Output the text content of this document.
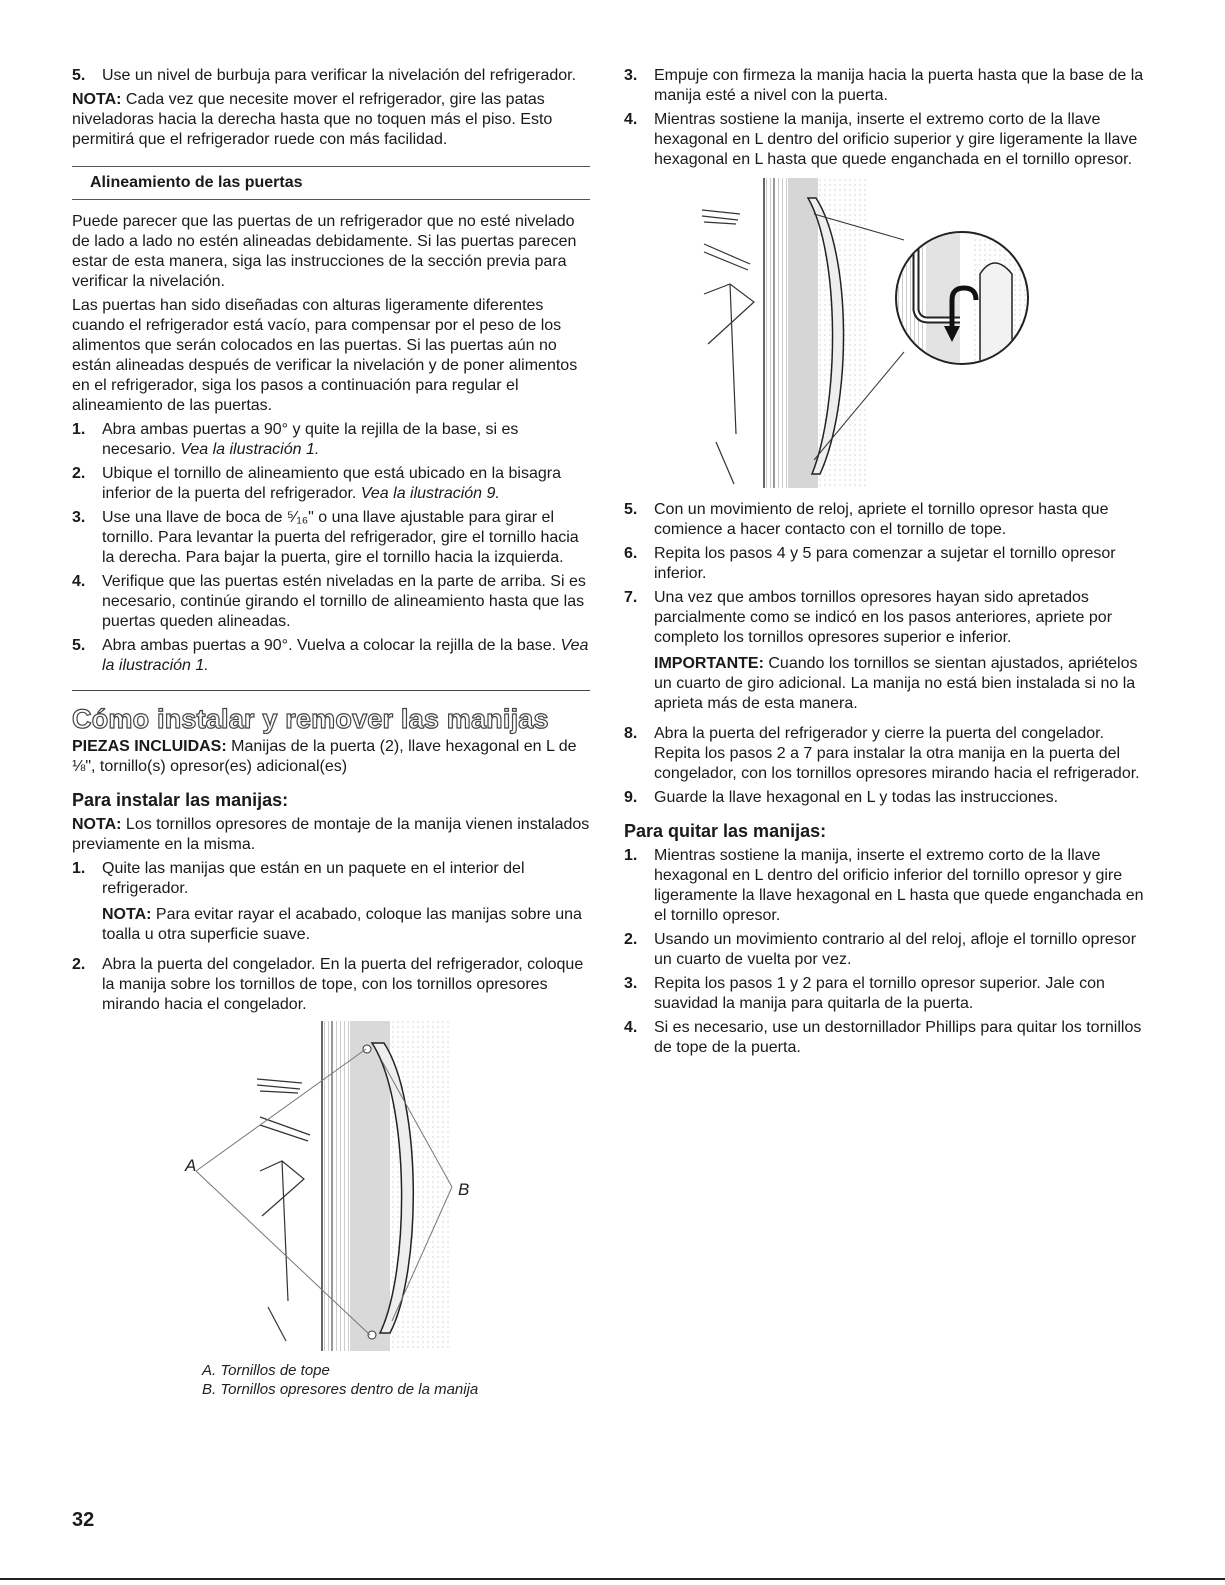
5.	Use un nivel de burbuja para verificar la nivelación del refrigerador.

NOTA: Cada vez que necesite mover el refrigerador, gire las patas niveladoras hacia la derecha hasta que no toquen más el piso. Esto permitirá que el refrigerador ruede con más facilidad.

Alineamiento de las puertas

Puede parecer que las puertas de un refrigerador que no esté nivelado de lado a lado no estén alineadas debidamente. Si las puertas parecen estar de esta manera, siga las instrucciones de la sección previa para verificar la nivelación.

Las puertas han sido diseñadas con alturas ligeramente diferentes cuando el refrigerador está vacío, para compensar por el peso de los alimentos que serán colocados en las puertas. Si las puertas aún no están alineadas después de verificar la nivelación y de poner alimentos en el refrigerador, siga los pasos a continuación para regular el alineamiento de las puertas.

1.	Abra ambas puertas a 90° y quite la rejilla de la base, si es necesario. Vea la ilustración 1.
2.	Ubique el tornillo de alineamiento que está ubicado en la bisagra inferior de la puerta del refrigerador. Vea la ilustración 9.
3.	Use una llave de boca de ⁵⁄₁₆" o una llave ajustable para girar el tornillo. Para levantar la puerta del refrigerador, gire el tornillo hacia la derecha. Para bajar la puerta, gire el tornillo hacia la izquierda.
4.	Verifique que las puertas estén niveladas en la parte de arriba. Si es necesario, continúe girando el tornillo de alineamiento hasta que las puertas queden alineadas.
5.	Abra ambas puertas a 90°. Vuelva a colocar la rejilla de la base. Vea la ilustración 1.
Cómo instalar y remover las manijas

PIEZAS INCLUIDAS: Manijas de la puerta (2), llave hexagonal en L de ⅛", tornillo(s) opresor(es) adicional(es)

Para instalar las manijas:

NOTA: Los tornillos opresores de montaje de la manija vienen instalados previamente en la misma.

1.	Quite las manijas que están en un paquete en el interior del refrigerador.

NOTA: Para evitar rayar el acabado, coloque las manijas sobre una toalla u otra superficie suave.

2.	Abra la puerta del congelador. En la puerta del refrigerador, coloque la manija sobre los tornillos de tope, con los tornillos opresores mirando hacia el congelador.
A
B
A. Tornillos de tope
B. Tornillos opresores dentro de la manija
3.	Empuje con firmeza la manija hacia la puerta hasta que la base de la manija esté a nivel con la puerta.
4.	Mientras sostiene la manija, inserte el extremo corto de la llave hexagonal en L dentro del orificio superior y gire ligeramente la llave hexagonal en L hasta que quede enganchada en el tornillo opresor.
5.	Con un movimiento de reloj, apriete el tornillo opresor hasta que comience a hacer contacto con el tornillo de tope.
6.	Repita los pasos 4 y 5 para comenzar a sujetar el tornillo opresor inferior.
7.	Una vez que ambos tornillos opresores hayan sido apretados parcialmente como se indicó en los pasos anteriores, apriete por completo los tornillos opresores superior e inferior.

IMPORTANTE: Cuando los tornillos se sientan ajustados, apriételos un cuarto de giro adicional. La manija no está bien instalada si no la aprieta más de esta manera.

8.	Abra la puerta del refrigerador y cierre la puerta del congelador. Repita los pasos 2 a 7 para instalar la otra manija en la puerta del congelador, con los tornillos opresores mirando hacia el refrigerador.
9.	Guarde la llave hexagonal en L y todas las instrucciones.
Para quitar las manijas:
1.	Mientras sostiene la manija, inserte el extremo corto de la llave hexagonal en L dentro del orificio inferior del tornillo opresor y gire ligeramente la llave hexagonal en L hasta que quede enganchada en el tornillo opresor.
2.	Usando un movimiento contrario al del reloj, afloje el tornillo opresor un cuarto de vuelta por vez.
3.	Repita los pasos 1 y 2 para el tornillo opresor superior. Jale con suavidad la manija para quitarla de la puerta.
4.	Si es necesario, use un destornillador Phillips para quitar los tornillos de tope de la puerta.
32
